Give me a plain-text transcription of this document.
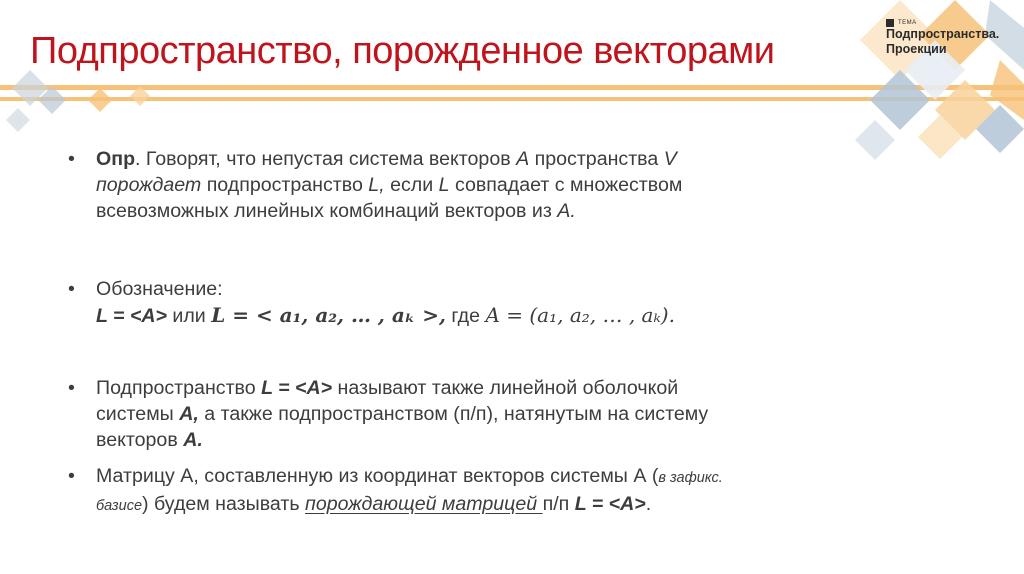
Подпространство, порожденное векторами
ТЕМА
Подпространства.
Проекции
• Опр. Говорят, что непустая система векторов A пространства V
порождает подпространство L, если L совпадает с множеством
всевозможных линейных комбинаций векторов из A.
• Обозначение:
L = <A> или L = < a₁, a₂, … , aₖ >, где A = (a₁, a₂, … , aₖ).
• Подпространство L = <A> называют также линейной оболочкой
системы A, а также подпространством (п/п), натянутым на систему
векторов A.
• Матрицу А, составленную из координат векторов системы А (в зафикс.
базисе) будем называть порождающей матрицей п/п L = <A>.
